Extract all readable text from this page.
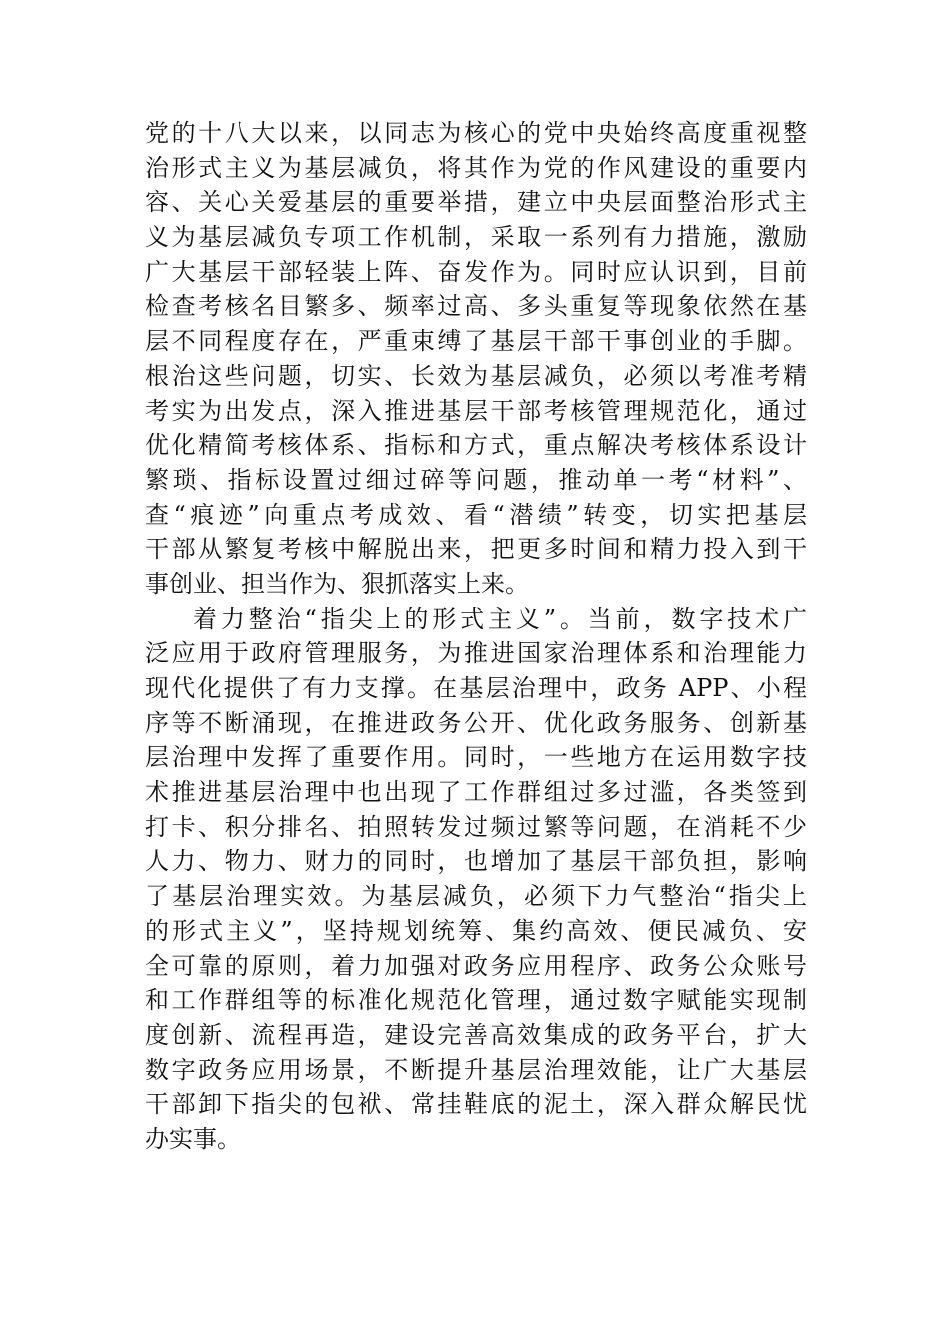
党的十八大以来，以同志为核心的党中央始终高度重视整
治形式主义为基层减负，将其作为党的作风建设的重要内
容、关心关爱基层的重要举措，建立中央层面整治形式主
义为基层减负专项工作机制，采取一系列有力措施，激励
广大基层干部轻装上阵、奋发作为。同时应认识到，目前
检查考核名目繁多、频率过高、多头重复等现象依然在基
层不同程度存在，严重束缚了基层干部干事创业的手脚。
根治这些问题，切实、长效为基层减负，必须以考准考精
考实为出发点，深入推进基层干部考核管理规范化，通过
优化精简考核体系、指标和方式，重点解决考核体系设计
繁琐、指标设置过细过碎等问题，推动单一考“材料”、
查“痕迹”向重点考成效、看“潜绩”转变，切实把基层
干部从繁复考核中解脱出来，把更多时间和精力投入到干
事创业、担当作为、狠抓落实上来。
着力整治“指尖上的形式主义”。当前，数字技术广
泛应用于政府管理服务，为推进国家治理体系和治理能力
现代化提供了有力支撑。在基层治理中，政务 APP、小程
序等不断涌现，在推进政务公开、优化政务服务、创新基
层治理中发挥了重要作用。同时，一些地方在运用数字技
术推进基层治理中也出现了工作群组过多过滥，各类签到
打卡、积分排名、拍照转发过频过繁等问题，在消耗不少
人力、物力、财力的同时，也增加了基层干部负担，影响
了基层治理实效。为基层减负，必须下力气整治“指尖上
的形式主义”，坚持规划统筹、集约高效、便民减负、安
全可靠的原则，着力加强对政务应用程序、政务公众账号
和工作群组等的标准化规范化管理，通过数字赋能实现制
度创新、流程再造，建设完善高效集成的政务平台，扩大
数字政务应用场景，不断提升基层治理效能，让广大基层
干部卸下指尖的包袱、常挂鞋底的泥土，深入群众解民忧
办实事。
